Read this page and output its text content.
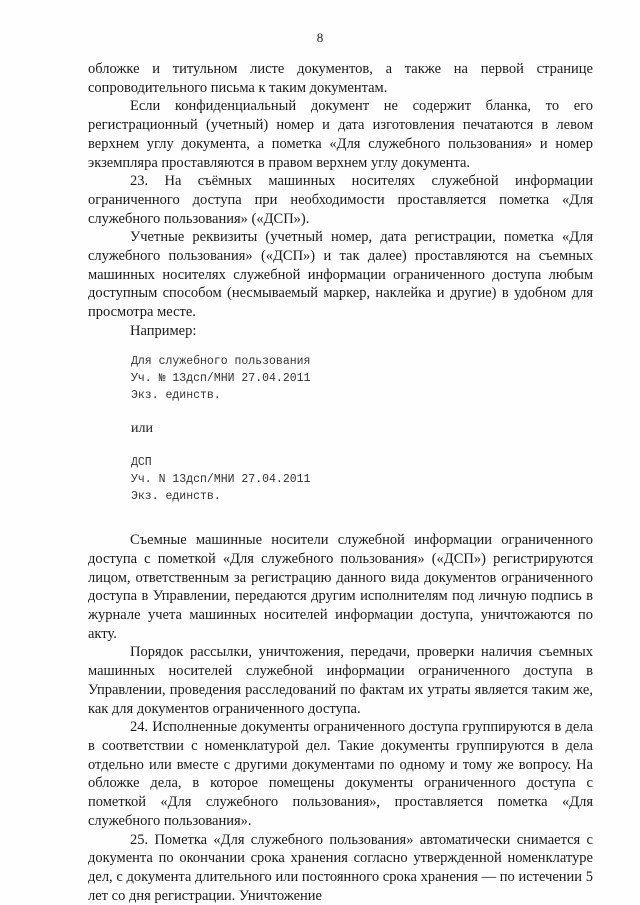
8

обложке и титульном листе документов, а также на первой странице сопроводительного письма к таким документам.

Если конфиденциальный документ не содержит бланка, то его регистрационный (учетный) номер и дата изготовления печатаются в левом верхнем углу документа, а пометка «Для служебного пользования» и номер экземпляра проставляются в правом верхнем углу документа.

23. На съёмных машинных носителях служебной информации ограниченного доступа при необходимости проставляется пометка «Для служебного пользования» («ДСП»).

Учетные реквизиты (учетный номер, дата регистрации, пометка «Для служебного пользования» («ДСП») и так далее) проставляются на съемных машинных носителях служебной информации ограниченного доступа любым доступным способом (несмываемый маркер, наклейка и другие) в удобном для просмотра месте.

Например:

Для служебного пользования
Уч. № 13дсп/МНИ 27.04.2011
Экз. единств.
или
ДСП
Уч. N 13дсп/МНИ 27.04.2011
Экз. единств.

Съемные машинные носители служебной информации ограниченного доступа с пометкой «Для служебного пользования» («ДСП») регистрируются лицом, ответственным за регистрацию данного вида документов ограниченного доступа в Управлении, передаются другим исполнителям под личную подпись в журнале учета машинных носителей информации доступа, уничтожаются по акту.

Порядок рассылки, уничтожения, передачи, проверки наличия съемных машинных носителей служебной информации ограниченного доступа в Управлении, проведения расследований по фактам их утраты является таким же, как для документов ограниченного доступа.

24. Исполненные документы ограниченного доступа группируются в дела в соответствии с номенклатурой дел. Такие документы группируются в дела отдельно или вместе с другими документами по одному и тому же вопросу. На обложке дела, в которое помещены документы ограниченного доступа с пометкой «Для служебного пользования», проставляется пометка «Для служебного пользования».

25. Пометка «Для служебного пользования» автоматически снимается с документа по окончании срока хранения согласно утвержденной номенклатуре дел, с документа длительного или постоянного срока хранения — по истечении 5 лет со дня регистрации. Уничтожение
